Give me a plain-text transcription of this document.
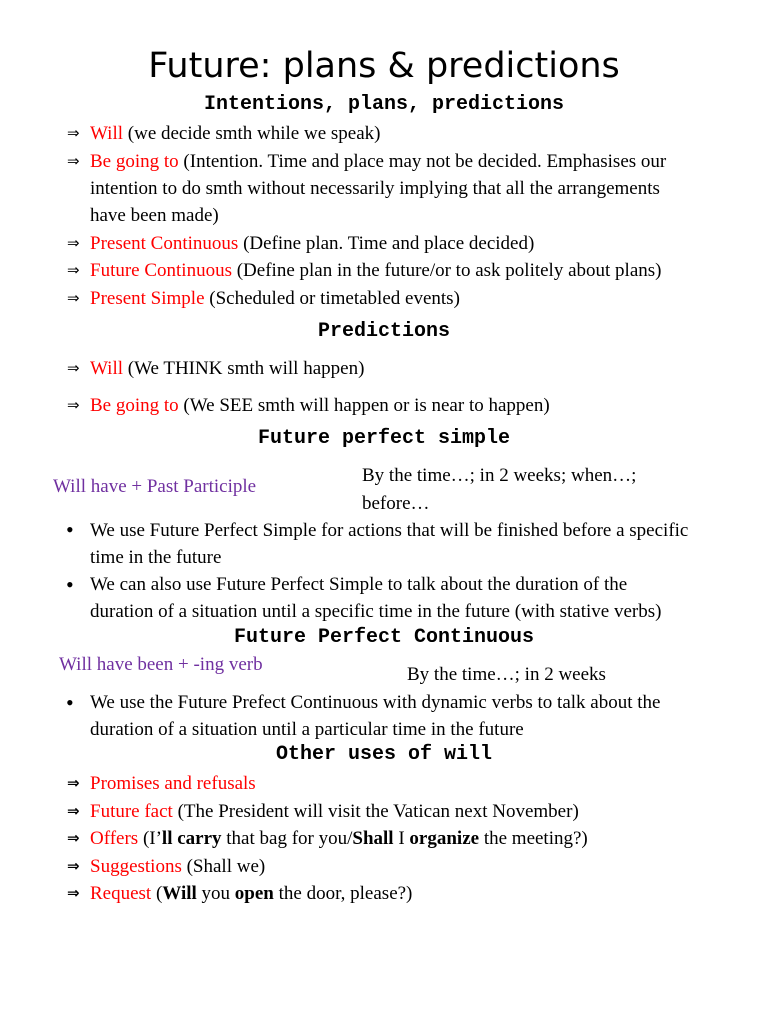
Future: plans & predictions
Intentions, plans, predictions
⇒ Will (we decide smth while we speak)
⇒ Be going to (Intention. Time and place may not be decided. Emphasises our
intention to do smth without necessarily implying that all the arrangements
have been made)
⇒ Present Continuous (Define plan. Time and place decided)
⇒ Future Continuous (Define plan in the future/or to ask politely about plans)
⇒ Present Simple (Scheduled or timetabled events)
Predictions
⇒ Will (We THINK smth will happen)
⇒ Be going to (We SEE smth will happen or is near to happen)
Future perfect simple
Will have + Past Participle
By the time…; in 2 weeks; when…;
before…
• We use Future Perfect Simple for actions that will be finished before a specific
time in the future
• We can also use Future Perfect Simple to talk about the duration of the
duration of a situation until a specific time in the future (with stative verbs)
Future Perfect Continuous
Will have been + -ing verb	By the time…; in 2 weeks
• We use the Future Prefect Continuous with dynamic verbs to talk about the
duration of a situation until a particular time in the future
Other uses of will
⇒ Promises and refusals
⇒ Future fact (The President will visit the Vatican next November)
⇒ Offers (I’ll carry that bag for you/Shall I organize the meeting?)
⇒ Suggestions (Shall we)
⇒ Request (Will you open the door, please?)
